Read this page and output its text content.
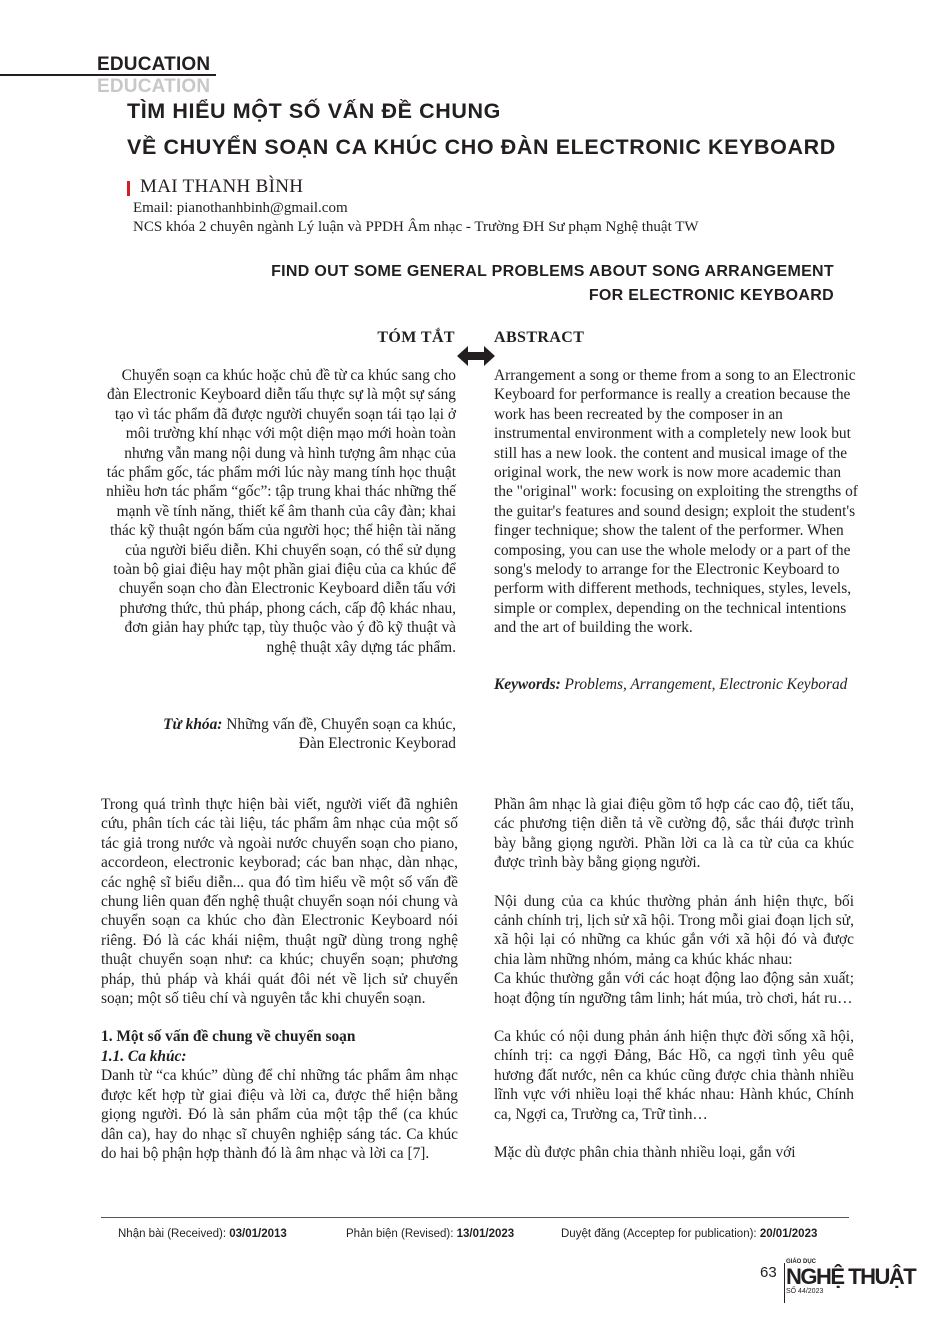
EDUCATION
EDUCATION
TÌM HIỂU MỘT SỐ VẤN ĐỀ CHUNG
VỀ CHUYỂN SOẠN CA KHÚC CHO ĐÀN ELECTRONIC KEYBOARD
MAI THANH BÌNH
Email: pianothanhbinh@gmail.com
NCS khóa 2 chuyên ngành Lý luận và PPDH Âm nhạc - Trường ĐH Sư phạm Nghệ thuật TW
FIND OUT SOME GENERAL PROBLEMS ABOUT SONG ARRANGEMENT
FOR ELECTRONIC KEYBOARD
TÓM TẮT ABSTRACT
Chuyển soạn ca khúc hoặc chủ đề từ ca khúc sang cho đàn Electronic Keyboard diễn tấu thực sự là một sự sáng tạo vì tác phẩm đã được người chuyển soạn tái tạo lại ở môi trường khí nhạc với một diện mạo mới hoàn toàn nhưng vẫn mang nội dung và hình tượng âm nhạc của tác phẩm gốc, tác phẩm mới lúc này mang tính học thuật nhiều hơn tác phẩm “gốc”: tập trung khai thác những thế mạnh về tính năng, thiết kế âm thanh của cây đàn; khai thác kỹ thuật ngón bấm của người học; thể hiện tài năng của người biểu diễn. Khi chuyển soạn, có thể sử dụng toàn bộ giai điệu hay một phần giai điệu của ca khúc để chuyển soạn cho đàn Electronic Keyboard diễn tấu với phương thức, thủ pháp, phong cách, cấp độ khác nhau, đơn giản hay phức tạp, tùy thuộc vào ý đồ kỹ thuật và nghệ thuật xây dựng tác phẩm.
Từ khóa: Những vấn đề, Chuyển soạn ca khúc,
Đàn Electronic Keyborad
Arrangement a song or theme from a song to an Electronic Keyboard for performance is really a creation because the work has been recreated by the composer in an instrumental environment with a completely new look but still has a new look. the content and musical image of the original work, the new work is now more academic than the "original" work: focusing on exploiting the strengths of the guitar's features and sound design; exploit the student's finger technique; show the talent of the performer. When composing, you can use the whole melody or a part of the song's melody to arrange for the Electronic Keyboard to perform with different methods, techniques, styles, levels, simple or complex, depending on the technical intentions and the art of building the work.
Keywords: Problems, Arrangement, Electronic Keyborad

Trong quá trình thực hiện bài viết, người viết đã nghiên cứu, phân tích các tài liệu, tác phẩm âm nhạc của một số tác giả trong nước và ngoài nước chuyển soạn cho piano, accordeon, electronic keyborad; các ban nhạc, dàn nhạc, các nghệ sĩ biểu diễn... qua đó tìm hiểu về một số vấn đề chung liên quan đến nghệ thuật chuyển soạn nói chung và chuyển soạn ca khúc cho đàn Electronic Keyboard nói riêng. Đó là các khái niệm, thuật ngữ dùng trong nghệ thuật chuyển soạn như: ca khúc; chuyển soạn; phương pháp, thủ pháp và khái quát đôi nét về lịch sử chuyển soạn; một số tiêu chí và nguyên tắc khi chuyển soạn.

1. Một số vấn đề chung về chuyển soạn

1.1. Ca khúc:

Danh từ “ca khúc” dùng để chỉ những tác phẩm âm nhạc được kết hợp từ giai điệu và lời ca, được thể hiện bằng giọng người. Đó là sản phẩm của một tập thể (ca khúc dân ca), hay do nhạc sĩ chuyên nghiệp sáng tác. Ca khúc do hai bộ phận hợp thành đó là âm nhạc và lời ca [7].

Phần âm nhạc là giai điệu gồm tổ hợp các cao độ, tiết tấu, các phương tiện diễn tả về cường độ, sắc thái được trình bày bằng giọng người. Phần lời ca là ca từ của ca khúc được trình bày bằng giọng người.

Nội dung của ca khúc thường phản ánh hiện thực, bối cảnh chính trị, lịch sử xã hội. Trong mỗi giai đoạn lịch sử, xã hội lại có những ca khúc gắn với xã hội đó và được chia làm những nhóm, mảng ca khúc khác nhau:

Ca khúc thường gắn với các hoạt động lao động sản xuất; hoạt động tín ngưỡng tâm linh; hát múa, trò chơi, hát ru…

Ca khúc có nội dung phản ánh hiện thực đời sống xã hội, chính trị: ca ngợi Đảng, Bác Hồ, ca ngợi tình yêu quê hương đất nước, nên ca khúc cũng được chia thành nhiều lĩnh vực với nhiều loại thể khác nhau: Hành khúc, Chính ca, Ngợi ca, Trường ca, Trữ tình…

Mặc dù được phân chia thành nhiều loại, gắn với

Nhận bài (Received): 03/01/2013	Phản biện (Revised): 13/01/2023	Duyệt đăng (Acceptep for publication): 20/01/2023
63
GIÁO DỤC
NGHỆ THUẬT
SỐ 44/2023
